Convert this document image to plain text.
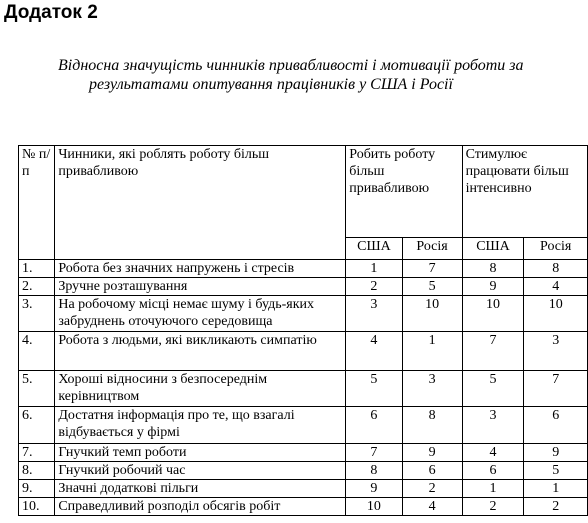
Додаток 2
Відносна значущість чинників привабливості і мотивації роботи за
результатами опитування працівників у США і Росії
№ п/п	Чинники, які роблять роботу більш привабливою	Робить роботу більш привабливою		Стимулює працювати більш інтенсивно	
		США	Росія	США	Росія
1.	Робота без значних напружень і стресів	1	7	8	8
2.	Зручне розташування	2	5	9	4
3.	На робочому місці немає шуму і будь-яких забруднень оточуючого середовища	3	10	10	10
4.	Робота з людьми, які викликають симпатію	4	1	7	3
5.	Хороші відносини з безпосереднім керівництвом	5	3	5	7
6.	Достатня інформація про те, що взагалі відбувається у фірмі	6	8	3	6
7.	Гнучкий темп роботи	7	9	4	9
8.	Гнучкий робочий час	8	6	6	5
9.	Значні додаткові пільги	9	2	1	1
10.	Справедливий розподіл обсягів робіт	10	4	2	2
